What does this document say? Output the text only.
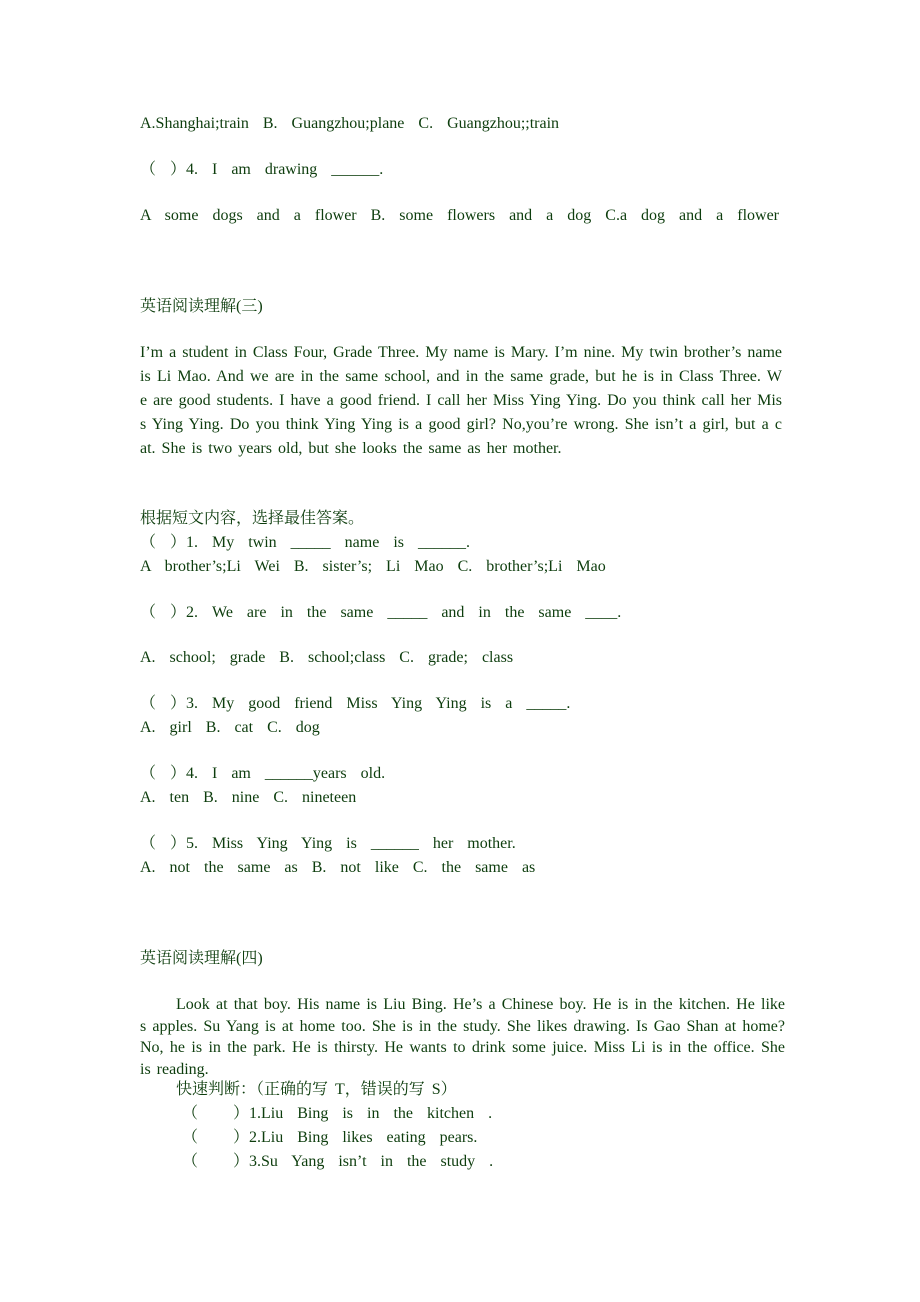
A.Shanghai;train  B.  Guangzhou;plane  C.  Guangzhou;;train

（  ）4.  I  am  drawing  ______.

A  some  dogs  and  a  flower  B.  some  flowers  and  a  dog  C.a  dog  and  a  flower

英语阅读理解(三)

I’m a student in Class Four, Grade Three. My name is Mary. I’m nine. My twin brother’s name is Li Mao. And we are in the same school, and in the same grade, but he is in Class Three. We are good students. I have a good friend. I call her Miss Ying Ying. Do you think call her Miss Ying Ying. Do you think Ying Ying is a good girl? No,you’re wrong. She isn’t a girl, but a cat. She is two years old, but she looks the same as her mother.

根据短文内容，选择最佳答案。

（  ）1.  My  twin  _____  name  is  ______.

A  brother’s;Li  Wei  B.  sister’s;  Li  Mao  C.  brother’s;Li  Mao

（  ）2.  We  are  in  the  same  _____  and  in  the  same  ____.

A.  school;  grade  B.  school;class  C.  grade;  class

（  ）3.  My  good  friend  Miss  Ying  Ying  is  a  _____.

A.  girl  B.  cat  C.  dog

（  ）4.  I  am  ______years  old.

A.  ten  B.  nine  C.  nineteen

（  ）5.  Miss  Ying  Ying  is  ______  her  mother.

A.  not  the  same  as  B.  not  like  C.  the  same  as

英语阅读理解(四)

Look at that boy. His name is Liu Bing. He’s a Chinese boy. He is in the kitchen. He likes apples. Su Yang is at home too. She is in the study. She likes drawing. Is Gao Shan at home? No, he is in the park. He is thirsty. He wants to drink some juice. Miss Li is in the office. She is reading.

快速判断：（正确的写 T，错误的写 S）

（     ）1.Liu  Bing  is  in  the  kitchen  .

（     ）2.Liu  Bing  likes  eating  pears.

（     ）3.Su  Yang  isn’t  in  the  study  .
